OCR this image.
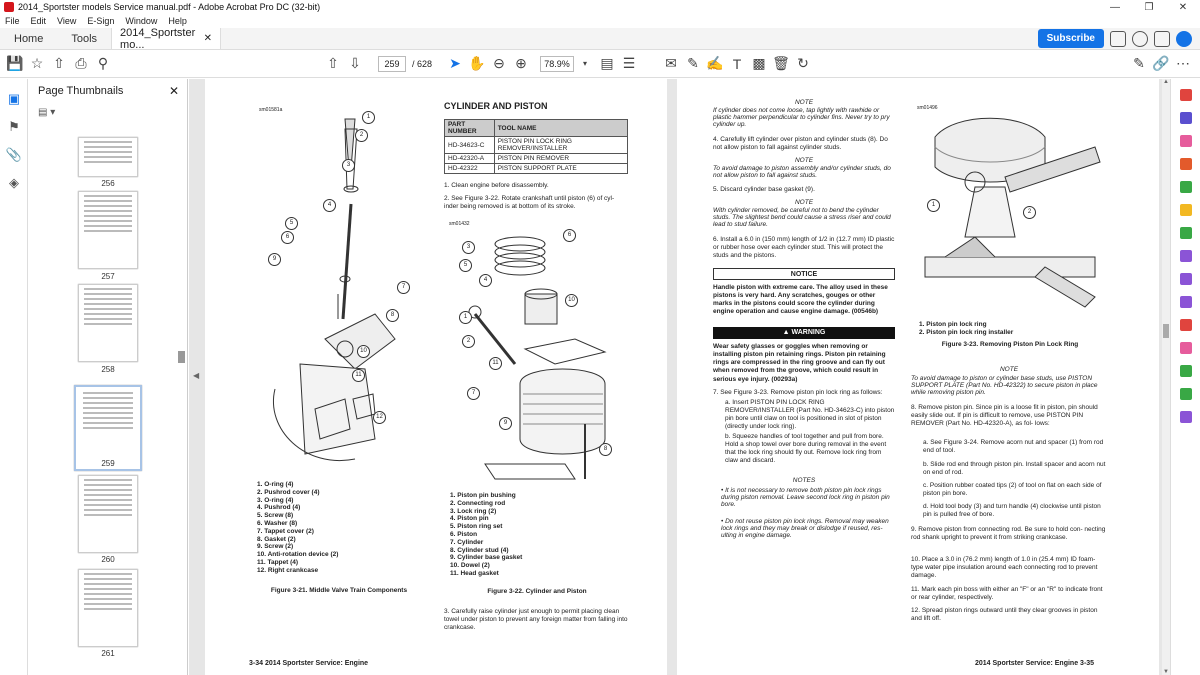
2014_Sportster models Service manual.pdf - Adobe Acrobat Pro DC (32-bit)	—	❐	✕
File	Edit	View	E-Sign	Window	Help
Home	Tools	2014_Sportster mo...	✕	Subscribe
💾 ☆ ⇧ ⎙ ⚲	⇧ ⇩	259	/ 628	➤ ✋ ⊖ ⊕	78.9%	▾ ▤ ☰	✉ ✎ ✍ T ▩ 🗑 ↻	✎ 🔗 ⋯
▣
⚑
📎
◈
Page Thumbnails	✕
▤ ▾
256
257
258
259
260
261
◀
sm01581a
1
2
3
4
5
6
7
8
9
10
11
12
1. O-ring (4)
2. Pushrod cover (4)
3. O-ring (4)
4. Pushrod (4)
5. Screw (8)
6. Washer (8)
7. Tappet cover (2)
8. Gasket (2)
9. Screw (2)
10. Anti-rotation device (2)
11. Tappet (4)
12. Right crankcase
Figure 3-21. Middle Valve Train Components
CYLINDER AND PISTON
PART NUMBER	TOOL NAME
HD-34623-C	PISTON PIN LOCK RING REMOVER/INSTALLER
HD-42320-A	PISTON PIN REMOVER
HD-42322	PISTON SUPPORT PLATE
1. Clean engine before disassembly.
2. See Figure 3-22. Rotate crankshaft until piston (6) of cyl- inder being removed is at bottom of its stroke.
sm01432
1
2
3
4
5
6
7
8
9
10
11
1. Piston pin bushing
2. Connecting rod
3. Lock ring (2)
4. Piston pin
5. Piston ring set
6. Piston
7. Cylinder
8. Cylinder stud (4)
9. Cylinder base gasket
10. Dowel (2)
11. Head gasket
Figure 3-22. Cylinder and Piston
3. Carefully raise cylinder just enough to permit placing clean towel under piston to prevent any foreign matter from falling into crankcase.
3-34 2014 Sportster Service: Engine
NOTE
If cylinder does not come loose, tap lightly with rawhide or plastic hammer perpendicular to cylinder fins. Never try to pry cylinder up.
4. Carefully lift cylinder over piston and cylinder studs (8). Do not allow piston to fall against cylinder studs.
NOTE
To avoid damage to piston assembly and/or cylinder studs, do not allow piston to fall against studs.
5. Discard cylinder base gasket (9).
NOTE
With cylinder removed, be careful not to bend the cylinder studs. The slightest bend could cause a stress riser and could lead to stud failure.
6. Install a 6.0 in (150 mm) length of 1/2 in (12.7 mm) ID plastic or rubber hose over each cylinder stud. This will protect the studs and the pistons.
NOTICE
Handle piston with extreme care. The alloy used in these pistons is very hard. Any scratches, gouges or other marks in the pistons could score the cylinder during engine operation and cause engine damage. (00546b)
▲ WARNING
Wear safety glasses or goggles when removing or installing piston pin retaining rings. Piston pin retaining rings are compressed in the ring groove and can fly out when removed from the groove, which could result in serious eye injury. (00293a)
7. See Figure 3-23. Remove piston pin lock ring as follows:
a. Insert PISTON PIN LOCK RING REMOVER/INSTALLER (Part No. HD-34623-C) into piston pin bore until claw on tool is positioned in slot of piston (directly under lock ring).
b. Squeeze handles of tool together and pull from bore. Hold a shop towel over bore during removal in the event that the lock ring should fly out. Remove lock ring from claw and discard.
NOTES
• It is not necessary to remove both piston pin lock rings during piston removal. Leave second lock ring in piston pin bore.
• Do not reuse piston pin lock rings. Removal may weaken lock rings and they may break or dislodge if reused, res- ulting in engine damage.
sm01496
1
2
1. Piston pin lock ring
2. Piston pin lock ring installer
Figure 3-23. Removing Piston Pin Lock Ring
NOTE
To avoid damage to piston or cylinder base studs, use PISTON SUPPORT PLATE (Part No. HD-42322) to secure piston in place while removing piston pin.
8. Remove piston pin. Since pin is a loose fit in piston, pin should easily slide out. If pin is difficult to remove, use PISTON PIN REMOVER (Part No. HD-42320-A), as fol- lows:
a. See Figure 3-24. Remove acorn nut and spacer (1) from rod end of tool.
b. Slide rod end through piston pin. Install spacer and acorn nut on end of rod.
c. Position rubber coated tips (2) of tool on flat on each side of piston pin bore.
d. Hold tool body (3) and turn handle (4) clockwise until piston pin is pulled free of bore.
9. Remove piston from connecting rod. Be sure to hold con- necting rod shank upright to prevent it from striking crankcase.
10. Place a 3.0 in (76.2 mm) length of 1.0 in (25.4 mm) ID foam-type water pipe insulation around each connecting rod to prevent damage.
11. Mark each pin boss with either an "F" or an "R" to indicate front or rear cylinder, respectively.
12. Spread piston rings outward until they clear grooves in piston and lift off.
2014 Sportster Service: Engine 3-35
▲
▼
